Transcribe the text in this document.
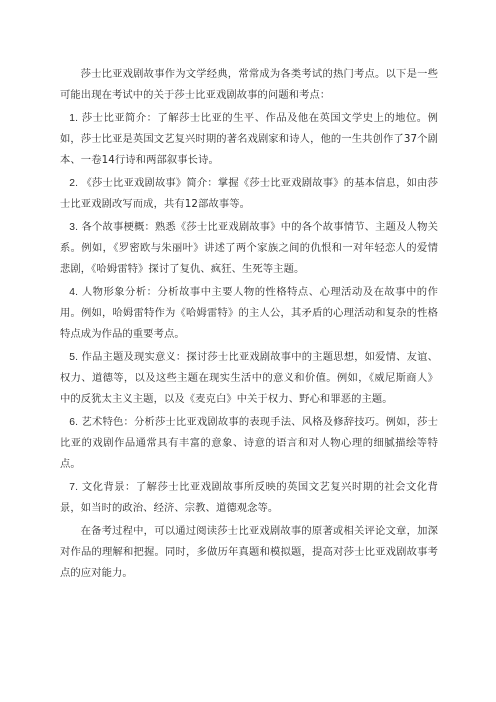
莎士比亚戏剧故事作为文学经典，常常成为各类考试的热门考点。以下是一些可能出现在考试中的关于莎士比亚戏剧故事的问题和考点：

1. 莎士比亚简介：了解莎士比亚的生平、作品及他在英国文学史上的地位。例如，莎士比亚是英国文艺复兴时期的著名戏剧家和诗人，他的一生共创作了37个剧本、一卷14行诗和两部叙事长诗。

2. 《莎士比亚戏剧故事》简介：掌握《莎士比亚戏剧故事》的基本信息，如由莎士比亚戏剧改写而成，共有12部故事等。

3. 各个故事梗概：熟悉《莎士比亚戏剧故事》中的各个故事情节、主题及人物关系。例如，《罗密欧与朱丽叶》讲述了两个家族之间的仇恨和一对年轻恋人的爱情悲剧，《哈姆雷特》探讨了复仇、疯狂、生死等主题。

4. 人物形象分析：分析故事中主要人物的性格特点、心理活动及在故事中的作用。例如，哈姆雷特作为《哈姆雷特》的主人公，其矛盾的心理活动和复杂的性格特点成为作品的重要考点。

5. 作品主题及现实意义：探讨莎士比亚戏剧故事中的主题思想，如爱情、友谊、权力、道德等，以及这些主题在现实生活中的意义和价值。例如，《威尼斯商人》中的反犹太主义主题，以及《麦克白》中关于权力、野心和罪恶的主题。

6. 艺术特色：分析莎士比亚戏剧故事的表现手法、风格及修辞技巧。例如，莎士比亚的戏剧作品通常具有丰富的意象、诗意的语言和对人物心理的细腻描绘等特点。

7. 文化背景：了解莎士比亚戏剧故事所反映的英国文艺复兴时期的社会文化背景，如当时的政治、经济、宗教、道德观念等。

在备考过程中，可以通过阅读莎士比亚戏剧故事的原著或相关评论文章，加深对作品的理解和把握。同时，多做历年真题和模拟题，提高对莎士比亚戏剧故事考点的应对能力。
